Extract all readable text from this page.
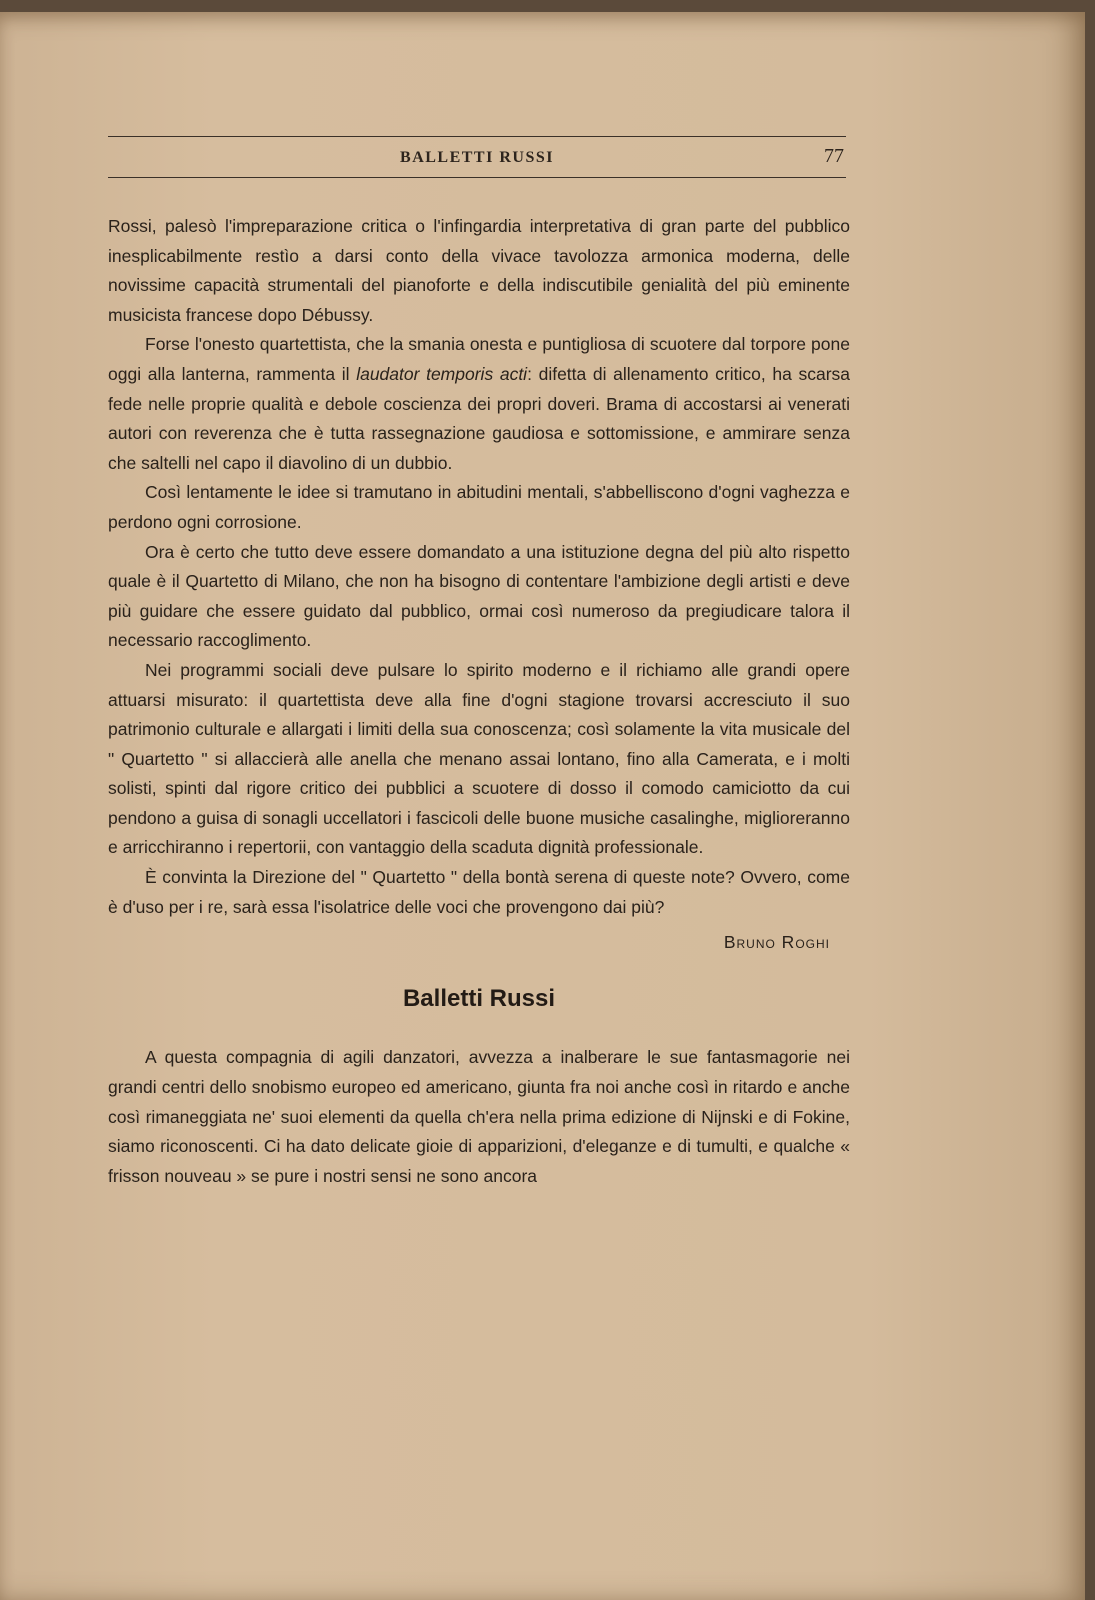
BALLETTI RUSSI	77

Rossi, palesò l'impreparazione critica o l'infingardia interpretativa di gran parte del pubblico inesplicabilmente restìo a darsi conto della vivace tavolozza armonica moderna, delle novissime capacità strumentali del pianoforte e della indiscutibile genialità del più eminente musicista francese dopo Débussy.

Forse l'onesto quartettista, che la smania onesta e puntigliosa di scuotere dal torpore pone oggi alla lanterna, rammenta il laudator temporis acti: difetta di allenamento critico, ha scarsa fede nelle proprie qualità e debole coscienza dei propri doveri. Brama di accostarsi ai venerati autori con reverenza che è tutta rassegnazione gaudiosa e sottomissione, e ammirare senza che saltelli nel capo il diavolino di un dubbio.

Così lentamente le idee si tramutano in abitudini mentali, s'abbelliscono d'ogni vaghezza e perdono ogni corrosione.

Ora è certo che tutto deve essere domandato a una istituzione degna del più alto rispetto quale è il Quartetto di Milano, che non ha bisogno di contentare l'ambizione degli artisti e deve più guidare che essere guidato dal pubblico, ormai così numeroso da pregiudicare talora il necessario raccoglimento.

Nei programmi sociali deve pulsare lo spirito moderno e il richiamo alle grandi opere attuarsi misurato: il quartettista deve alla fine d'ogni stagione trovarsi accresciuto il suo patrimonio culturale e allargati i limiti della sua conoscenza; così solamente la vita musicale del " Quartetto " si allaccierà alle anella che menano assai lontano, fino alla Camerata, e i molti solisti, spinti dal rigore critico dei pubblici a scuotere di dosso il comodo camiciotto da cui pendono a guisa di sonagli uccellatori i fascicoli delle buone musiche casalinghe, miglioreranno e arricchiranno i repertorii, con vantaggio della scaduta dignità professionale.

È convinta la Direzione del " Quartetto " della bontà serena di queste note? Ovvero, come è d'uso per i re, sarà essa l'isolatrice delle voci che provengono dai più?

Bruno Roghi
Balletti Russi

A questa compagnia di agili danzatori, avvezza a inalberare le sue fantasmagorie nei grandi centri dello snobismo europeo ed americano, giunta fra noi anche così in ritardo e anche così rimaneggiata ne' suoi elementi da quella ch'era nella prima edizione di Nijnski e di Fokine, siamo riconoscenti. Ci ha dato delicate gioie di apparizioni, d'eleganze e di tumulti, e qualche « frisson nouveau » se pure i nostri sensi ne sono ancora
